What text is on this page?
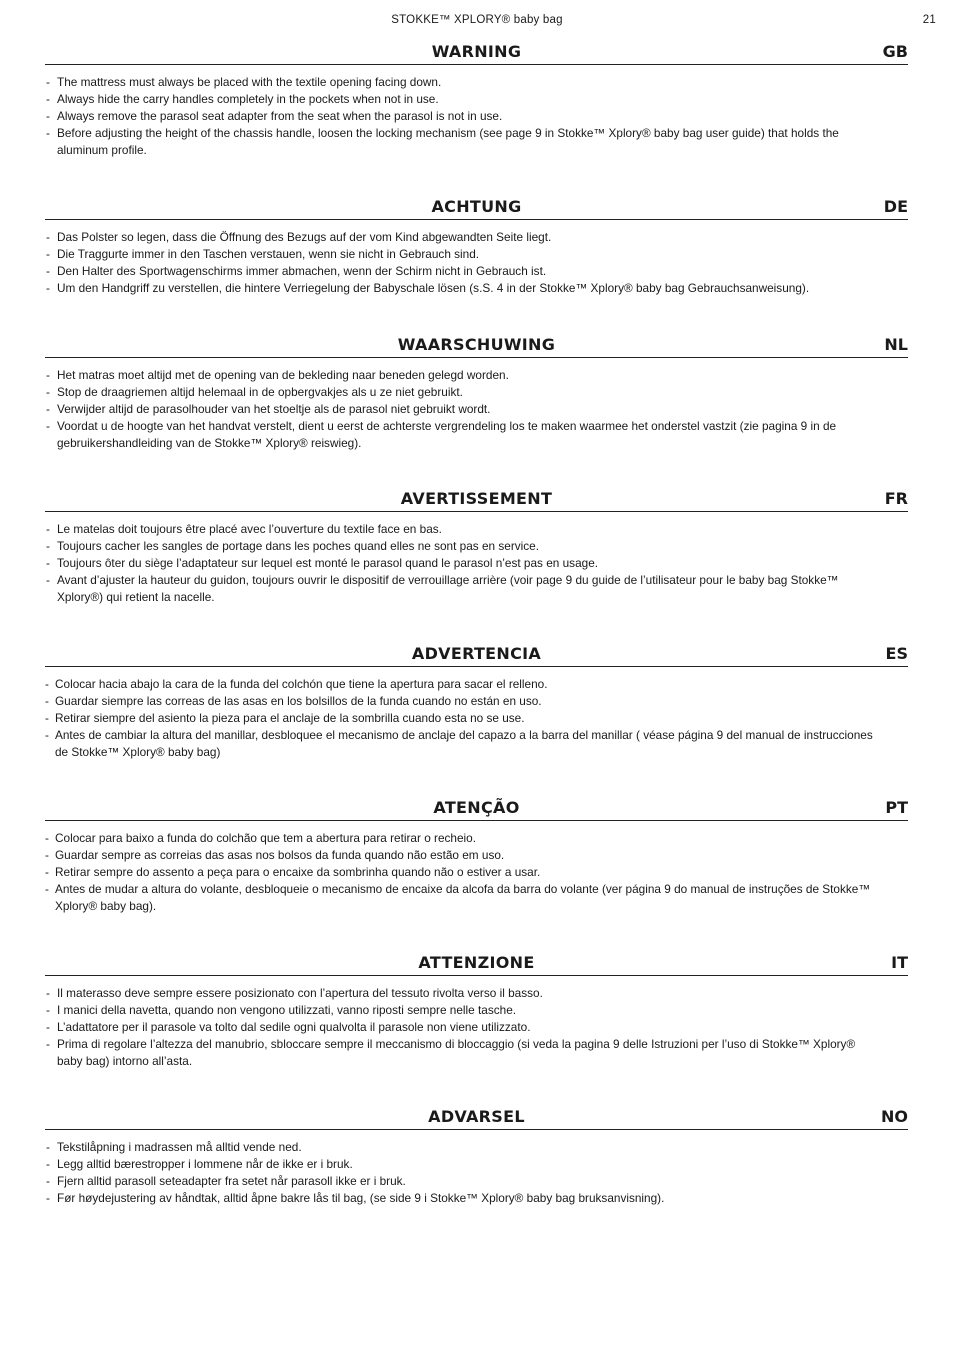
STOKKE™ XPLORY® baby bag	21
WARNING	GB
- The mattress must always be placed with the textile opening facing down.
- Always hide the carry handles completely in the pockets when not in use.
- Always remove the parasol seat adapter from the seat when the parasol is not in use.
- Before adjusting the height of the chassis handle, loosen the locking mechanism (see page 9 in Stokke™ Xplory® baby bag user guide) that holds the aluminum profile.
ACHTUNG	DE
- Das Polster so legen, dass die Öffnung des Bezugs auf der vom Kind abgewandten Seite liegt.
- Die Traggurte immer in den Taschen verstauen, wenn sie nicht in Gebrauch sind.
- Den Halter des Sportwagenschirms immer abmachen, wenn der Schirm nicht in Gebrauch ist.
- Um den Handgriff zu verstellen, die hintere Verriegelung der Babyschale lösen (s.S. 4 in der Stokke™ Xplory® baby bag Gebrauchsanweisung).
WAARSCHUWING	NL
- Het matras moet altijd met de opening van de bekleding naar beneden gelegd worden.
- Stop de draagriemen altijd helemaal in de opbergvakjes als u ze niet gebruikt.
- Verwijder altijd de parasolhouder van het stoeltje als de parasol niet gebruikt wordt.
- Voordat u de hoogte van het handvat verstelt, dient u eerst de achterste vergrendeling los te maken waarmee het onderstel vastzit (zie pagina 9 in de gebruikershandleiding van de Stokke™ Xplory® reiswieg).
AVERTISSEMENT	FR
- Le matelas doit toujours être placé avec l’ouverture du textile face en bas.
- Toujours cacher les sangles de portage dans les poches quand elles ne sont pas en service.
- Toujours ôter du siège l’adaptateur sur lequel est monté le parasol quand le parasol n’est pas en usage.
- Avant d’ajuster la hauteur du guidon, toujours ouvrir le dispositif de verrouillage arrière (voir page 9 du guide de l’utilisateur pour le baby bag Stokke™ Xplory®) qui retient la nacelle.
ADVERTENCIA	ES
- Colocar hacia abajo la cara de la funda del colchón que tiene la apertura para sacar el relleno.
- Guardar siempre las correas de las asas en los bolsillos de la funda cuando no están en uso.
- Retirar siempre del asiento la pieza para el anclaje de la sombrilla cuando esta no se use.
- Antes de cambiar la altura del manillar, desbloquee el mecanismo de anclaje del capazo a la barra del manillar ( véase página 9 del manual de instrucciones de Stokke™ Xplory® baby bag)
ATENÇÃO	PT
- Colocar para baixo a funda do colchão que tem a abertura para retirar o recheio.
- Guardar sempre as correias das asas nos bolsos da funda quando não estão em uso.
- Retirar sempre do assento a peça para o encaixe da sombrinha quando não o estiver a usar.
- Antes de mudar a altura do volante, desbloqueie o mecanismo de encaixe da alcofa da barra do volante (ver página 9 do manual de instruções de Stokke™ Xplory® baby bag).
ATTENZIONE	IT
- Il materasso deve sempre essere posizionato con l’apertura del tessuto rivolta verso il basso.
- I manici della navetta, quando non vengono utilizzati, vanno riposti sempre nelle tasche.
- L’adattatore per il parasole va tolto dal sedile ogni qualvolta il parasole non viene utilizzato.
- Prima di regolare l’altezza del manubrio, sbloccare sempre il meccanismo di bloccaggio (si veda la pagina 9 delle Istruzioni per l’uso di Stokke™ Xplory® baby bag) intorno all’asta.
ADVARSEL	NO
- Tekstilåpning i madrassen må alltid vende ned.
- Legg alltid bærestropper i lommene når de ikke er i bruk.
- Fjern alltid parasoll seteadapter fra setet når parasoll ikke er i bruk.
- Før høydejustering av håndtak, alltid åpne bakre lås til bag, (se side 9 i Stokke™ Xplory® baby bag bruksanvisning).
